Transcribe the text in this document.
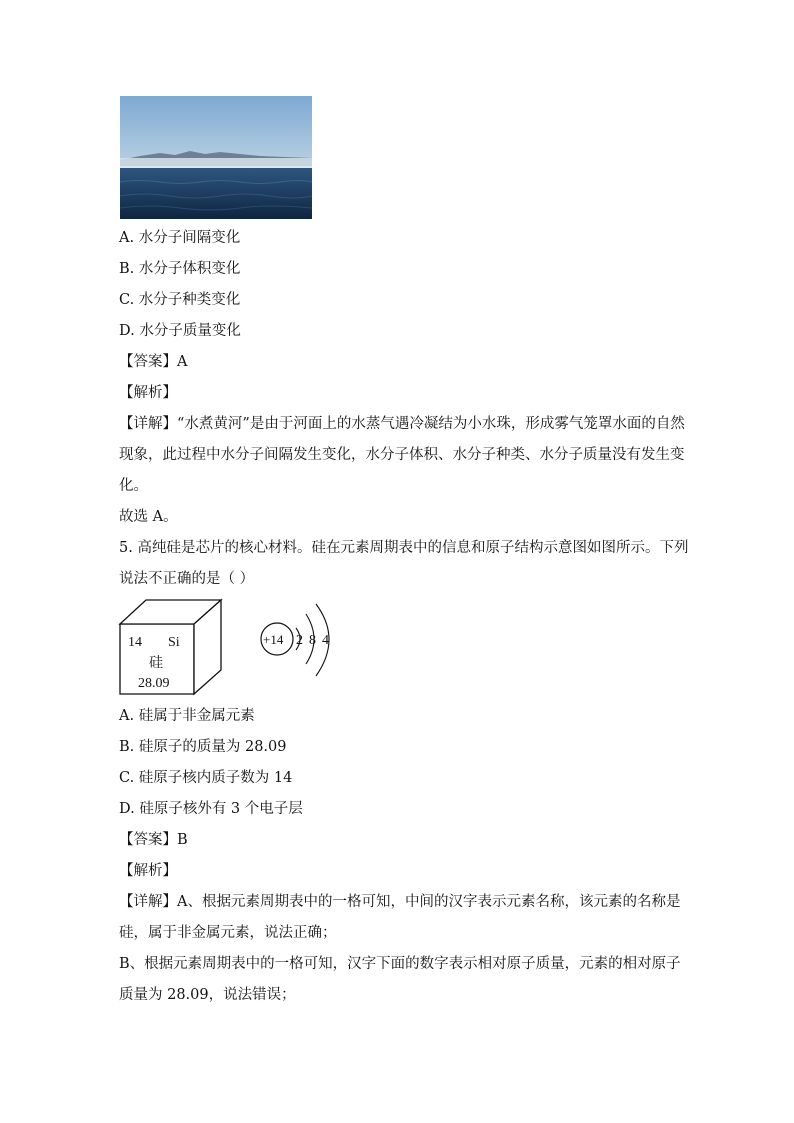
A. 水分子间隔变化
B. 水分子体积变化
C. 水分子种类变化
D. 水分子质量变化
【答案】A
【解析】
【详解】“水煮黄河”是由于河面上的水蒸气遇冷凝结为小水珠，形成雾气笼罩水面的自然
现象，此过程中水分子间隔发生变化，水分子体积、水分子种类、水分子质量没有发生变
化。
故选 A。
5. 高纯硅是芯片的核心材料。硅在元素周期表中的信息和原子结构示意图如图所示。下列
说法不正确的是（ ）
14 Si
硅
28.09
+14 2 8 4
A. 硅属于非金属元素
B. 硅原子的质量为 28.09
C. 硅原子核内质子数为 14
D. 硅原子核外有 3 个电子层
【答案】B
【解析】
【详解】A、根据元素周期表中的一格可知，中间的汉字表示元素名称，该元素的名称是
硅，属于非金属元素，说法正确；
B、根据元素周期表中的一格可知，汉字下面的数字表示相对原子质量，元素的相对原子
质量为 28.09，说法错误；
